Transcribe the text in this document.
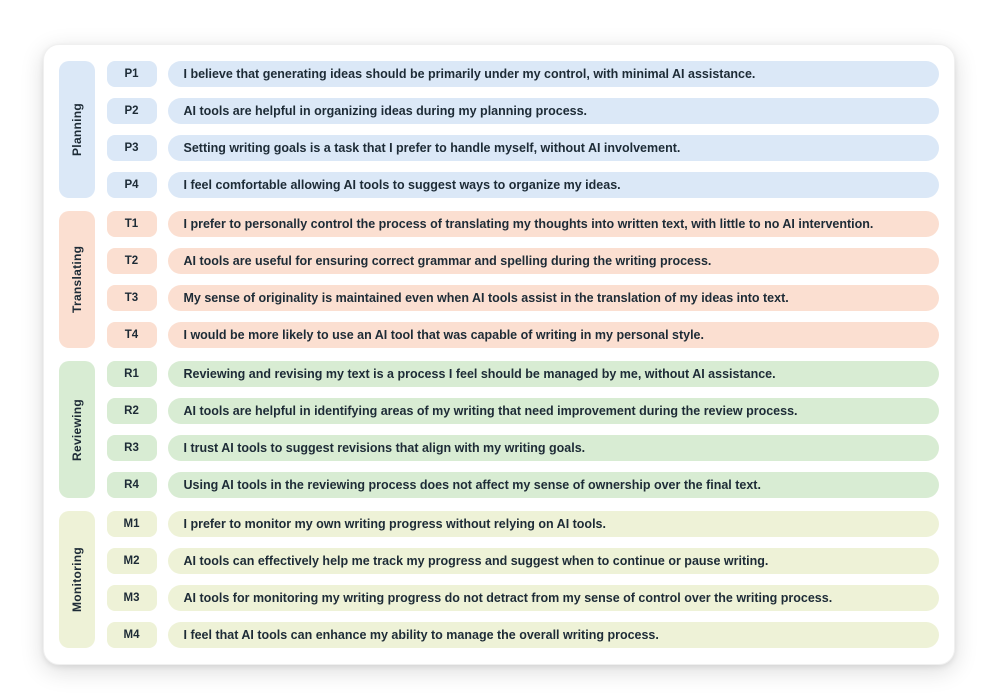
Planning
P1	I believe that generating ideas should be primarily under my control, with minimal AI assistance.
P2	AI tools are helpful in organizing ideas during my planning process.
P3	Setting writing goals is a task that I prefer to handle myself, without AI involvement.
P4	I feel comfortable allowing AI tools to suggest ways to organize my ideas.
Translating
T1	I prefer to personally control the process of translating my thoughts into written text, with little to no AI intervention.
T2	AI tools are useful for ensuring correct grammar and spelling during the writing process.
T3	My sense of originality is maintained even when AI tools assist in the translation of my ideas into text.
T4	I would be more likely to use an AI tool that was capable of writing in my personal style.
Reviewing
R1	Reviewing and revising my text is a process I feel should be managed by me, without AI assistance.
R2	AI tools are helpful in identifying areas of my writing that need improvement during the review process.
R3	I trust AI tools to suggest revisions that align with my writing goals.
R4	Using AI tools in the reviewing process does not affect my sense of ownership over the final text.
Monitoring
M1	I prefer to monitor my own writing progress without relying on AI tools.
M2	AI tools can effectively help me track my progress and suggest when to continue or pause writing.
M3	AI tools for monitoring my writing progress do not detract from my sense of control over the writing process.
M4	I feel that AI tools can enhance my ability to manage the overall writing process.
